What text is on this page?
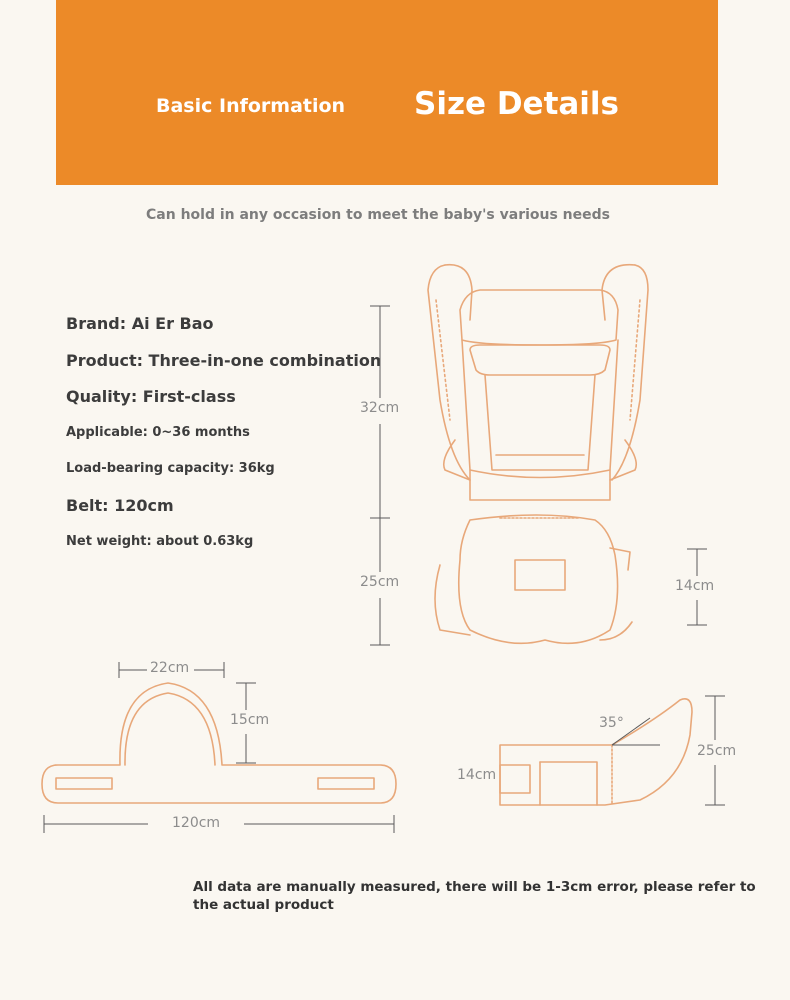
Basic Information Size Details
Can hold in any occasion to meet the baby's various needs
Brand: Ai Er Bao
Product: Three-in-one combination
Quality: First-class
Applicable: 0~36 months
Load-bearing capacity: 36kg
Belt: 120cm
Net weight: about 0.63kg
32cm
25cm	14cm
22cm
15cm
120cm
14cm
35°
25cm
All data are manually measured, there will be 1-3cm error, please refer to the actual product
